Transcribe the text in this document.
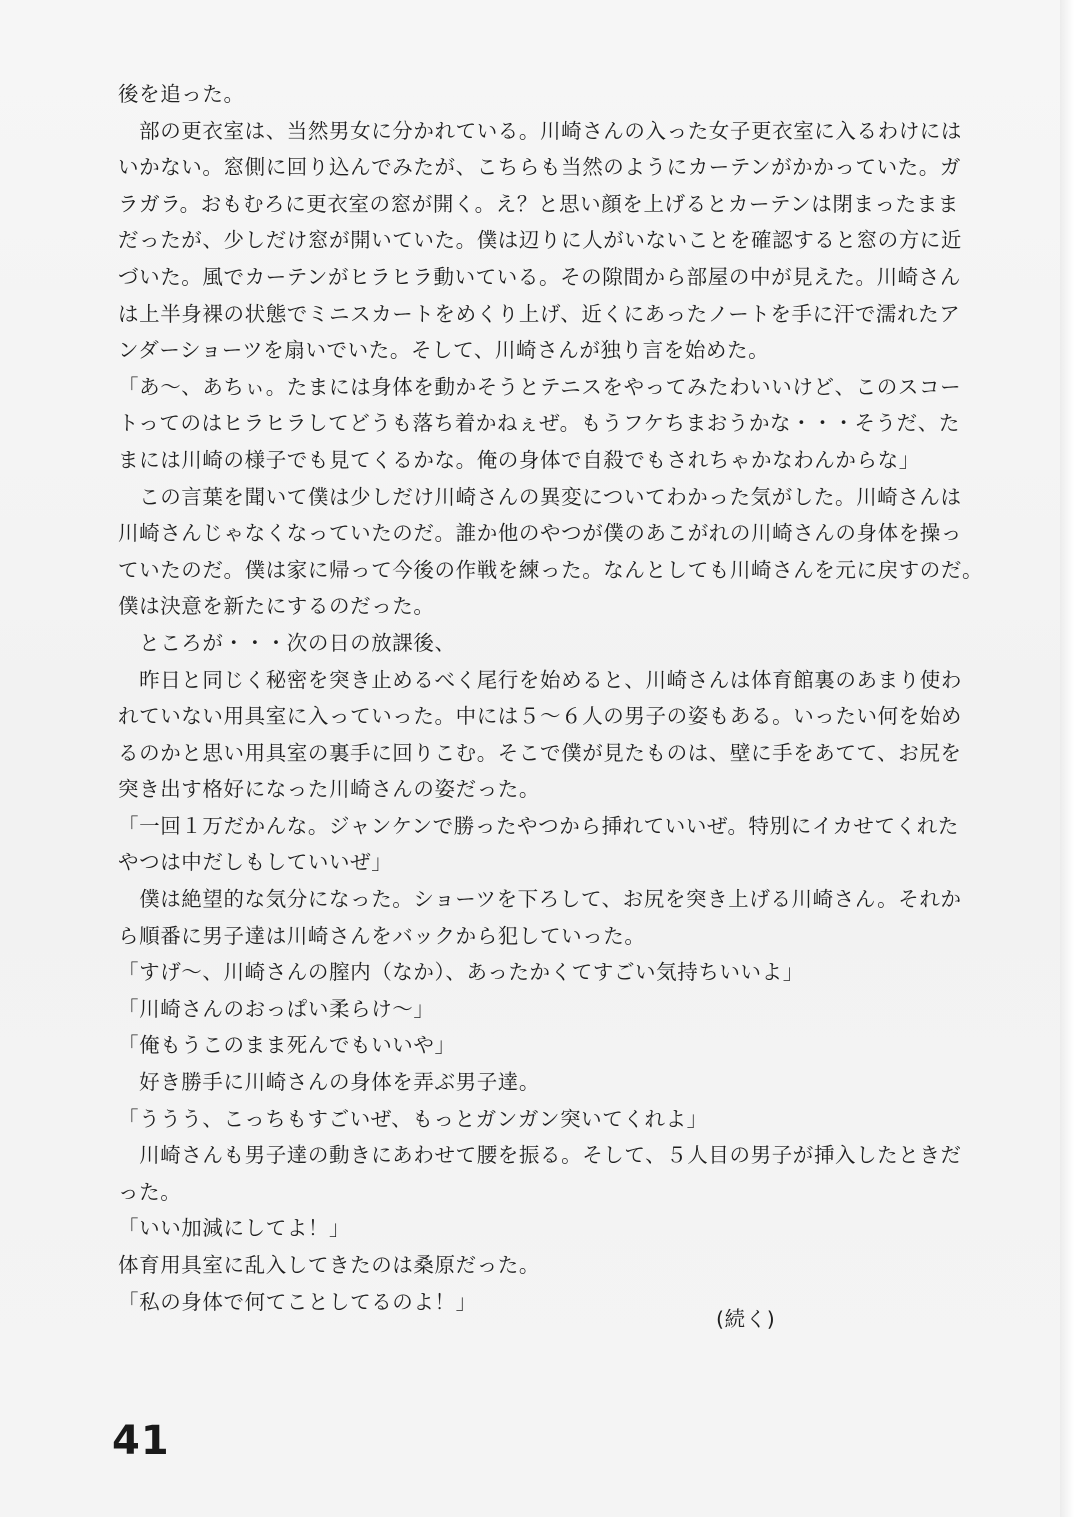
後を追った。
　部の更衣室は、当然男女に分かれている。川崎さんの入った女子更衣室に入るわけには
いかない。窓側に回り込んでみたが、こちらも当然のようにカーテンがかかっていた。ガ
ラガラ。おもむろに更衣室の窓が開く。え？と思い顔を上げるとカーテンは閉まったまま
だったが、少しだけ窓が開いていた。僕は辺りに人がいないことを確認すると窓の方に近
づいた。風でカーテンがヒラヒラ動いている。その隙間から部屋の中が見えた。川崎さん
は上半身裸の状態でミニスカートをめくり上げ、近くにあったノートを手に汗で濡れたア
ンダーショーツを扇いでいた。そして、川崎さんが独り言を始めた。
「あ～、あちぃ。たまには身体を動かそうとテニスをやってみたわいいけど、このスコー
トってのはヒラヒラしてどうも落ち着かねぇぜ。もうフケちまおうかな・・・そうだ、た
まには川崎の様子でも見てくるかな。俺の身体で自殺でもされちゃかなわんからな」
　この言葉を聞いて僕は少しだけ川崎さんの異変についてわかった気がした。川崎さんは
川崎さんじゃなくなっていたのだ。誰か他のやつが僕のあこがれの川崎さんの身体を操っ
ていたのだ。僕は家に帰って今後の作戦を練った。なんとしても川崎さんを元に戻すのだ。
僕は決意を新たにするのだった。
　ところが・・・次の日の放課後、
　昨日と同じく秘密を突き止めるべく尾行を始めると、川崎さんは体育館裏のあまり使わ
れていない用具室に入っていった。中には５～６人の男子の姿もある。いったい何を始め
るのかと思い用具室の裏手に回りこむ。そこで僕が見たものは、壁に手をあてて、お尻を
突き出す格好になった川崎さんの姿だった。
「一回１万だかんな。ジャンケンで勝ったやつから挿れていいぜ。特別にイカせてくれた
やつは中だしもしていいぜ」
　僕は絶望的な気分になった。ショーツを下ろして、お尻を突き上げる川崎さん。それか
ら順番に男子達は川崎さんをバックから犯していった。
「すげ～、川崎さんの膣内（なか）、あったかくてすごい気持ちいいよ」
「川崎さんのおっぱい柔らけ～」
「俺もうこのまま死んでもいいや」
　好き勝手に川崎さんの身体を弄ぶ男子達。
「ううう、こっちもすごいぜ、もっとガンガン突いてくれよ」
　川崎さんも男子達の動きにあわせて腰を振る。そして、５人目の男子が挿入したときだ
った。
「いい加減にしてよ！」
体育用具室に乱入してきたのは桑原だった。
「私の身体で何てことしてるのよ！」
(続く)
41
